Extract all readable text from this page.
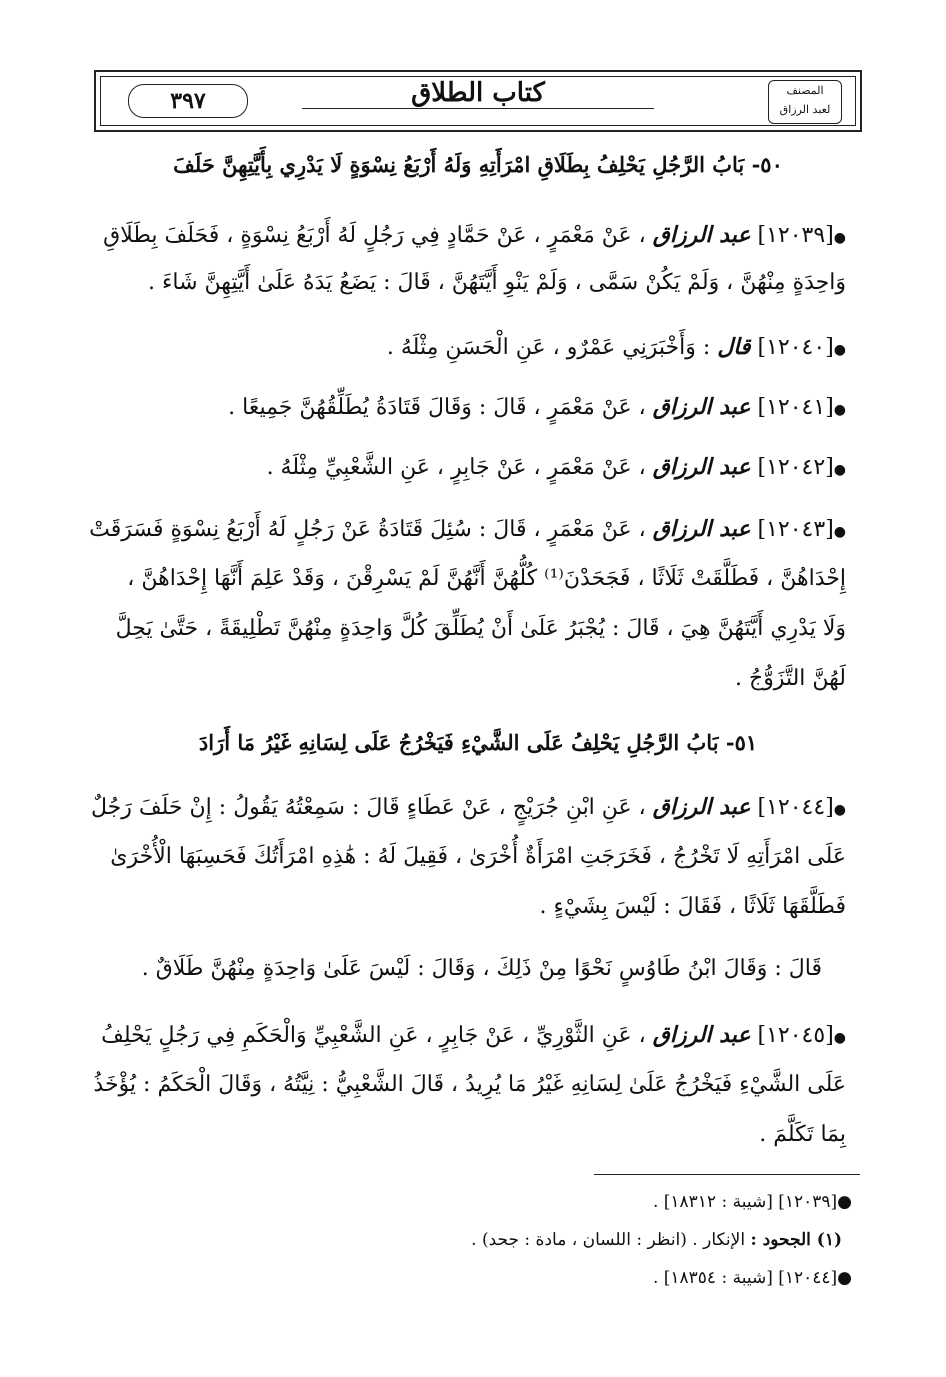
٣٩٧	كتاب الطلاق	المصنف
لعبد الرزاق
٥٠- بَابُ الرَّجُلِ يَحْلِفُ بِطَلَاقِ امْرَأَتِهِ وَلَهُ أَرْبَعُ نِسْوَةٍ لَا يَدْرِي بِأَيَّتِهِنَّ حَلَفَ
●[١٢٠٣٩] عبد الرزاق ، عَنْ مَعْمَرٍ ، عَنْ حَمَّادٍ فِي رَجُلٍ لَهُ أَرْبَعُ نِسْوَةٍ ، فَحَلَفَ بِطَلَاقِ
وَاحِدَةٍ مِنْهُنَّ ، وَلَمْ يَكُنْ سَمَّى ، وَلَمْ يَنْوِ أَيَّتَهُنَّ ، قَالَ : يَضَعُ يَدَهُ عَلَىٰ أَيَّتِهِنَّ شَاءَ .
●[١٢٠٤٠] قال : وَأَخْبَرَنِي عَمْرٌو ، عَنِ الْحَسَنِ مِثْلَهُ .
●[١٢٠٤١] عبد الرزاق ، عَنْ مَعْمَرٍ ، قَالَ : وَقَالَ قَتَادَةُ يُطَلِّقُهُنَّ جَمِيعًا .
●[١٢٠٤٢] عبد الرزاق ، عَنْ مَعْمَرٍ ، عَنْ جَابِرٍ ، عَنِ الشَّعْبِيِّ مِثْلَهُ .
●[١٢٠٤٣] عبد الرزاق ، عَنْ مَعْمَرٍ ، قَالَ : سُئِلَ قَتَادَةُ عَنْ رَجُلٍ لَهُ أَرْبَعُ نِسْوَةٍ فَسَرَقَتْ
إِحْدَاهُنَّ ، فَطَلَّقَتْ ثَلَاثًا ، فَجَحَدْنَ⁽¹⁾ كُلُّهُنَّ أَنَّهُنَّ لَمْ يَسْرِقْنَ ، وَقَدْ عَلِمَ أَنَّهَا إِحْدَاهُنَّ ،
وَلَا يَدْرِي أَيَّتَهُنَّ هِيَ ، قَالَ : يُجْبَرُ عَلَىٰ أَنْ يُطَلِّقَ كُلَّ وَاحِدَةٍ مِنْهُنَّ تَطْلِيقَةً ، حَتَّىٰ يَحِلَّ
لَهُنَّ التَّزَوُّجُ .
٥١- بَابُ الرَّجُلِ يَحْلِفُ عَلَى الشَّيْءِ فَيَخْرُجُ عَلَى لِسَانِهِ غَيْرُ مَا أَرَادَ
●[١٢٠٤٤] عبد الرزاق ، عَنِ ابْنِ جُرَيْجٍ ، عَنْ عَطَاءٍ قَالَ : سَمِعْتُهُ يَقُولُ : إِنْ حَلَفَ رَجُلٌ
عَلَى امْرَأَتِهِ لَا تَخْرُجُ ، فَخَرَجَتِ امْرَأَةٌ أُخْرَىٰ ، فَقِيلَ لَهُ : هَٰذِهِ امْرَأَتُكَ فَحَسِبَهَا الْأُخْرَىٰ
فَطَلَّقَهَا ثَلَاثًا ، فَقَالَ : لَيْسَ بِشَيْءٍ .
قَالَ : وَقَالَ ابْنُ طَاوُسٍ نَحْوًا مِنْ ذَلِكَ ، وَقَالَ : لَيْسَ عَلَىٰ وَاحِدَةٍ مِنْهُنَّ طَلَاقٌ .
●[١٢٠٤٥] عبد الرزاق ، عَنِ الثَّوْرِيِّ ، عَنْ جَابِرٍ ، عَنِ الشَّعْبِيِّ وَالْحَكَمِ فِي رَجُلٍ يَحْلِفُ
عَلَى الشَّيْءِ فَيَخْرُجُ عَلَىٰ لِسَانِهِ غَيْرُ مَا يُرِيدُ ، قَالَ الشَّعْبِيُّ : نِيَّتُهُ ، وَقَالَ الْحَكَمُ : يُؤْخَذُ
بِمَا تَكَلَّمَ .
●[١٢٠٣٩] [شيبة : ١٨٣١٢] .
(١) الجحود : الإنكار . (انظر : اللسان ، مادة : جحد) .
●[١٢٠٤٤] [شيبة : ١٨٣٥٤] .
